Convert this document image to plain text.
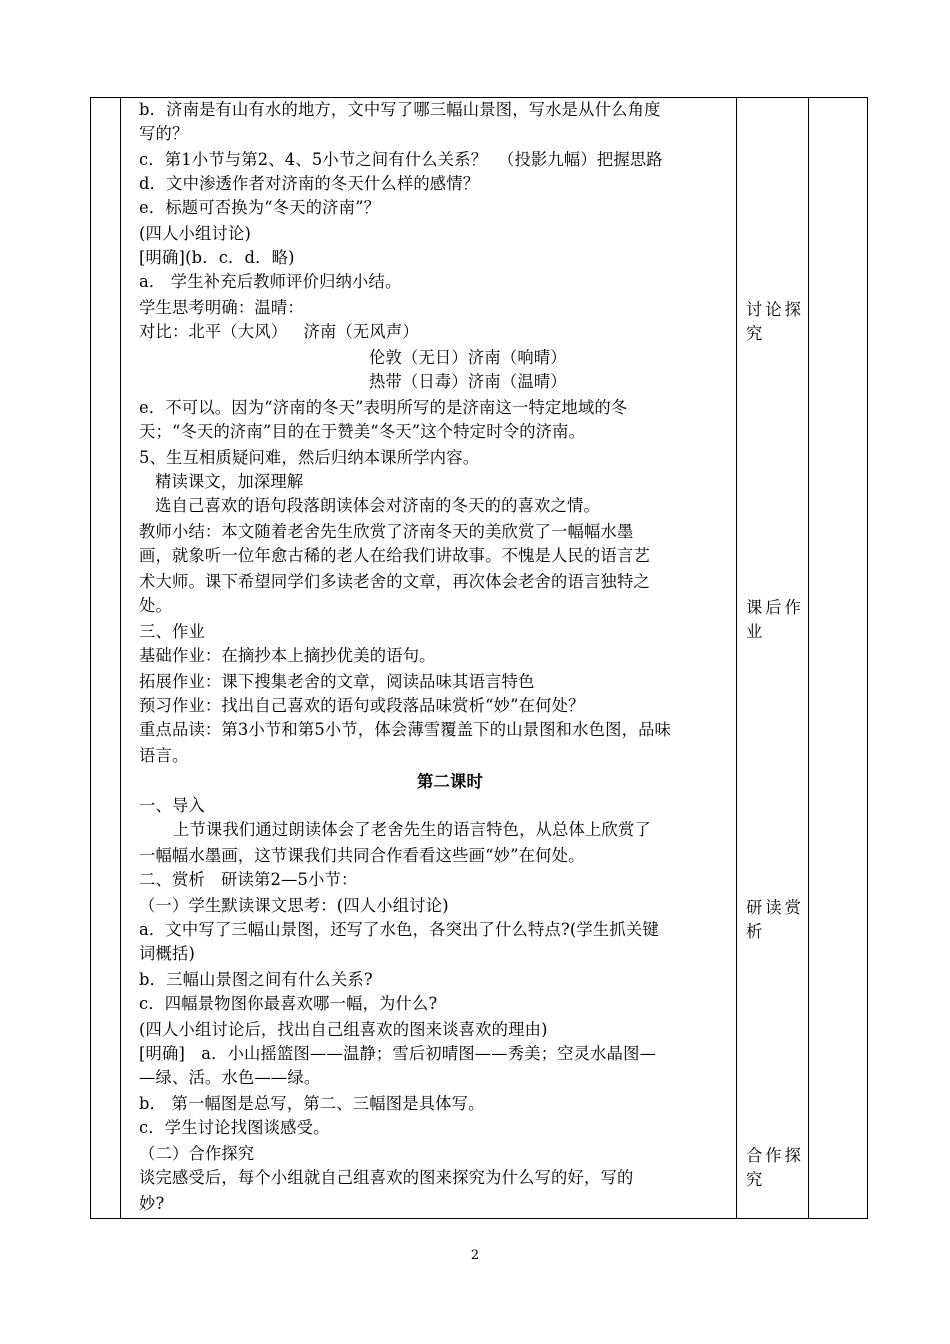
b．济南是有山有水的地方，文中写了哪三幅山景图，写水是从什么角度
写的？
c．第1小节与第2、4、5小节之间有什么关系？  （投影九幅）把握思路
d．文中渗透作者对济南的冬天什么样的感情？
e．标题可否换为“冬天的济南”？
(四人小组讨论)
[明确](b．c．d．略)
a． 学生补充后教师评价归纳小结。
学生思考明确：温晴：
对比：北平（大风）   济南（无风声）
伦敦（无日）济南（响晴）
热带（日毒）济南（温晴）
e．不可以。因为“济南的冬天”表明所写的是济南这一特定地域的冬
天；“冬天的济南”目的在于赞美“冬天”这个特定时令的济南。
5、生互相质疑问难，然后归纳本课所学内容。
精读课文，加深理解
选自己喜欢的语句段落朗读体会对济南的冬天的的喜欢之情。
教师小结：本文随着老舍先生欣赏了济南冬天的美欣赏了一幅幅水墨
画，就象听一位年愈古稀的老人在给我们讲故事。不愧是人民的语言艺
术大师。课下希望同学们多读老舍的文章，再次体会老舍的语言独特之
处。
三、作业
基础作业：在摘抄本上摘抄优美的语句。
拓展作业：课下搜集老舍的文章，阅读品味其语言特色
预习作业：找出自己喜欢的语句或段落品味赏析“妙”在何处？
重点品读：第3小节和第5小节，体会薄雪覆盖下的山景图和水色图，品味
语言。
第二课时
一、导入
上节课我们通过朗读体会了老舍先生的语言特色，从总体上欣赏了
一幅幅水墨画，这节课我们共同合作看看这些画“妙”在何处。
二、赏析   研读第2—5小节：
（一）学生默读课文思考：(四人小组讨论)
a．文中写了三幅山景图，还写了水色，各突出了什么特点?(学生抓关键
词概括)
b．三幅山景图之间有什么关系?
c．四幅景物图你最喜欢哪一幅，为什么?
(四人小组讨论后，找出自己组喜欢的图来谈喜欢的理由)
[明确]   a．小山摇篮图——温静；雪后初晴图——秀美；空灵水晶图—
—绿、活。水色——绿。
b． 第一幅图是总写，第二、三幅图是具体写。
c．学生讨论找图谈感受。
（二）合作探究
谈完感受后，每个小组就自己组喜欢的图来探究为什么写的好，写的
妙?
讨论探
究
课后作
业
研读赏
析
合作探
究
2
